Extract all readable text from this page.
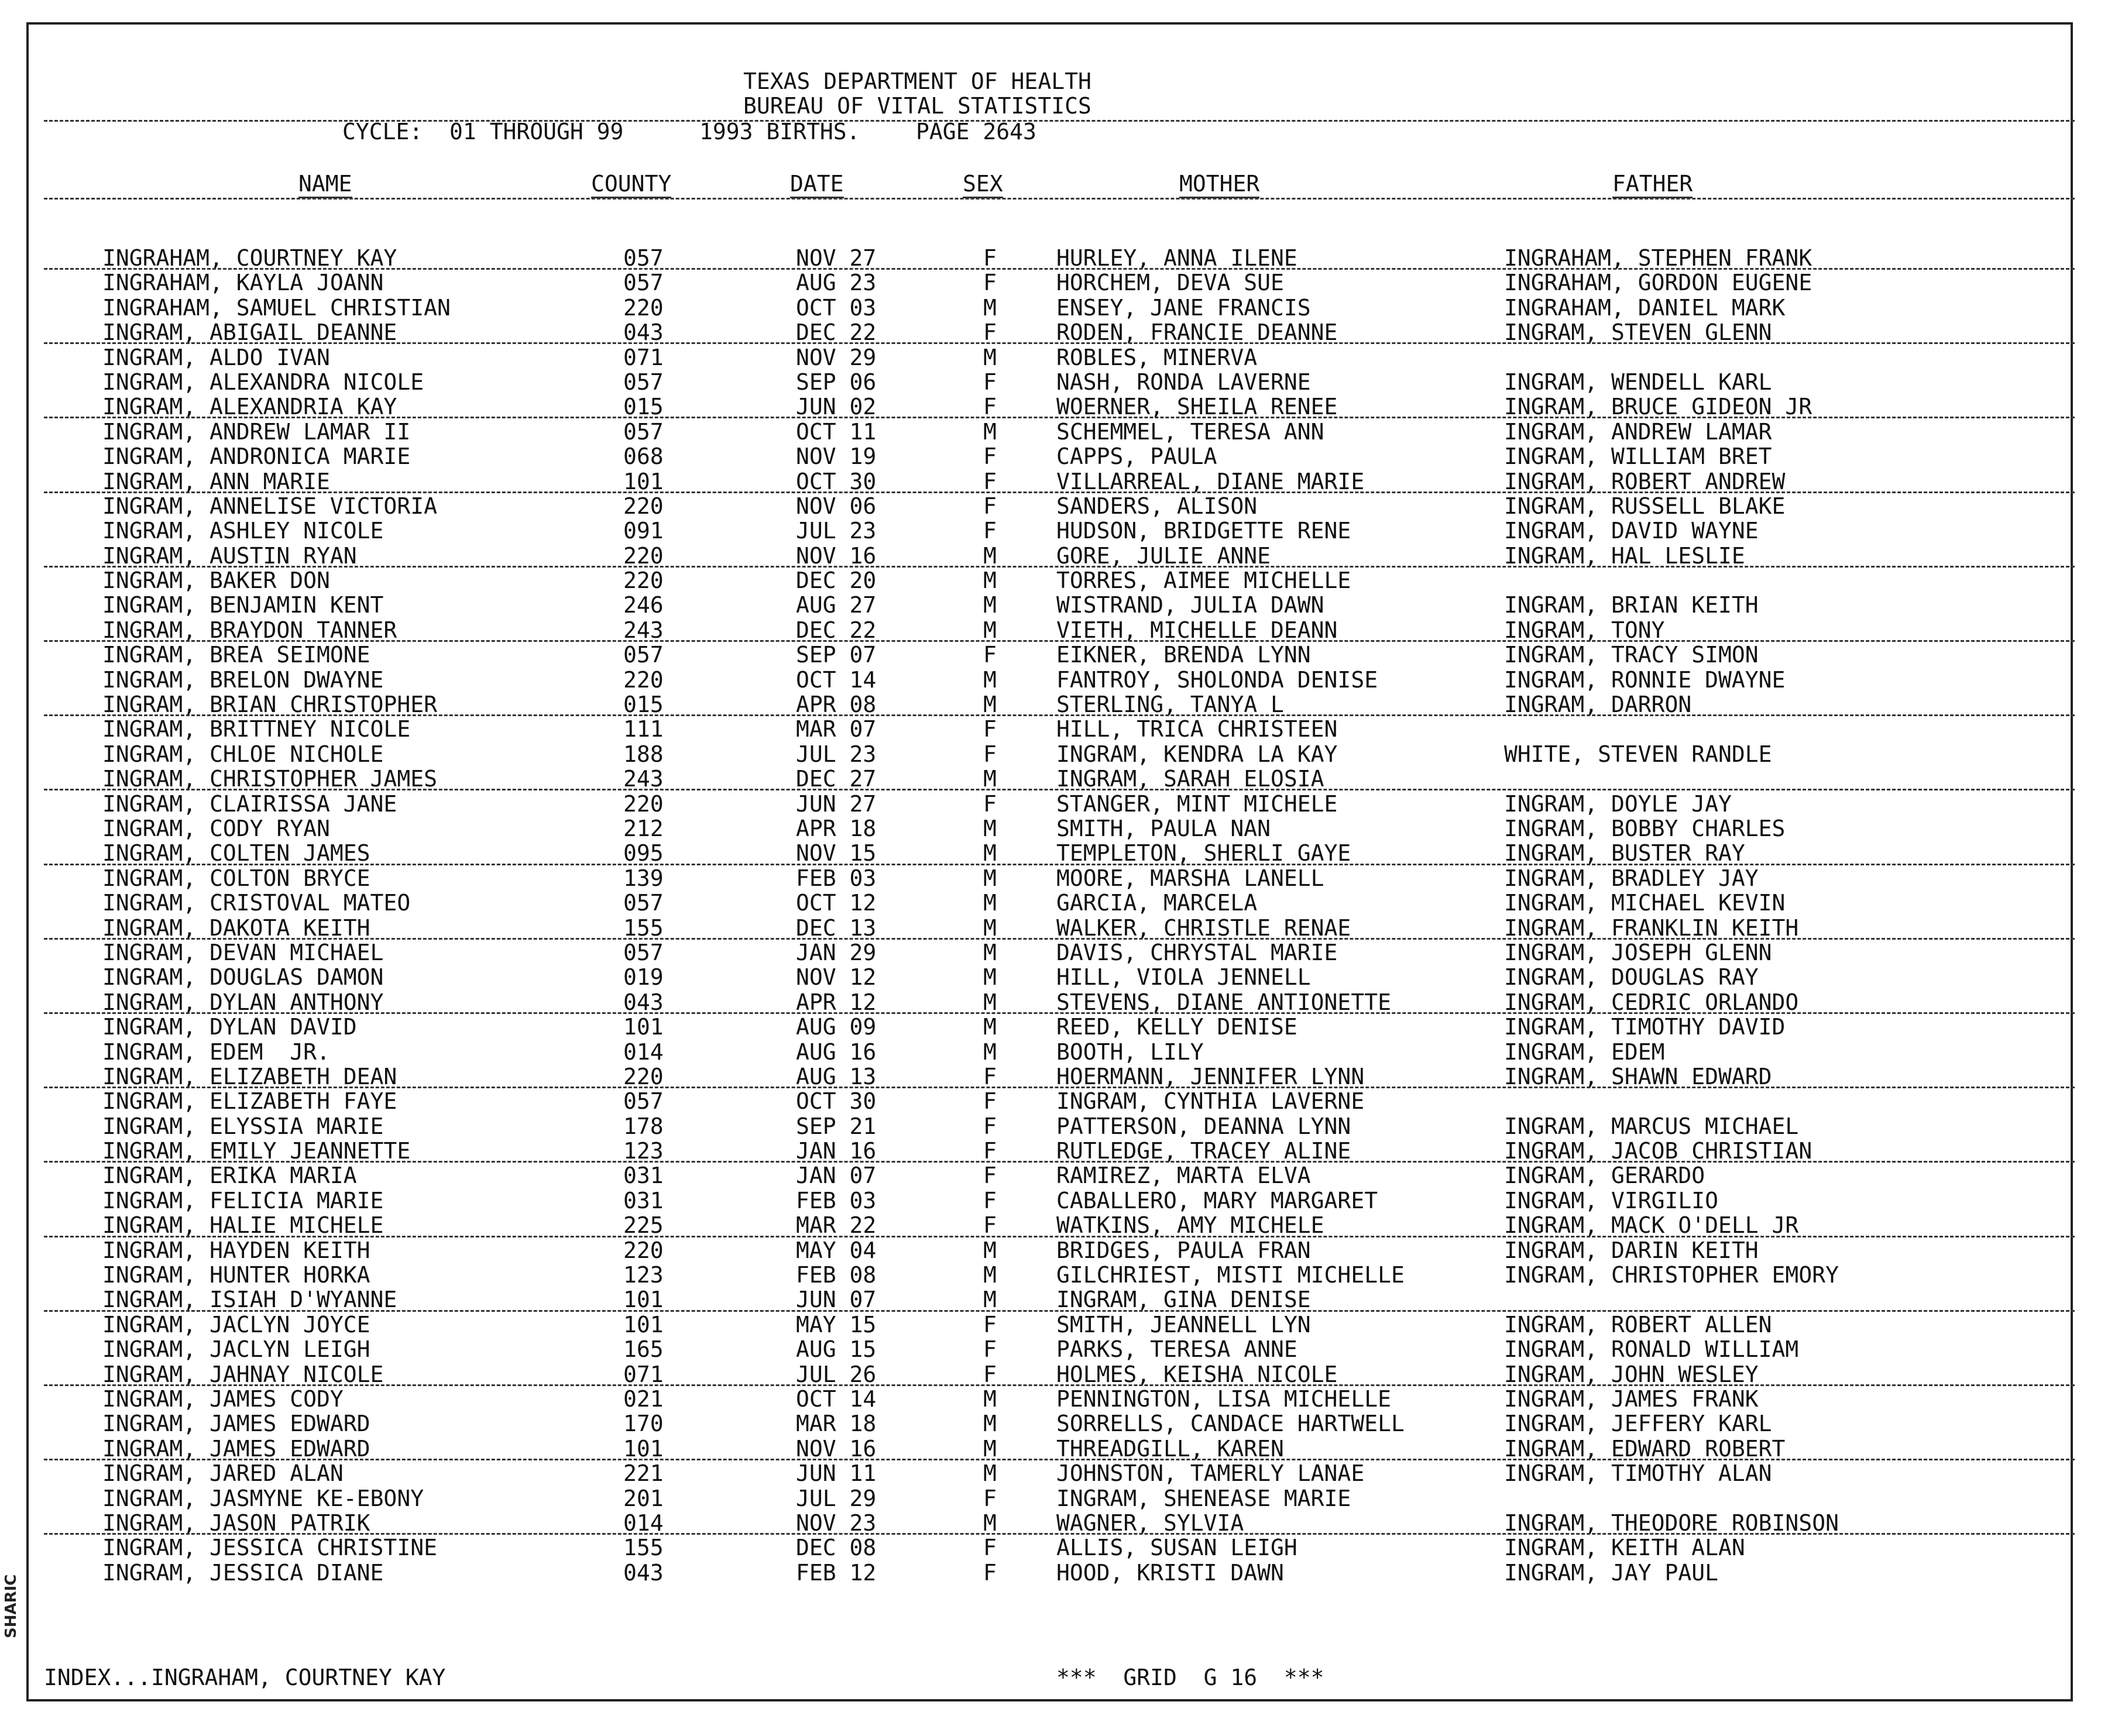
SHARIC
TEXAS DEPARTMENT OF HEALTH
BUREAU OF VITAL STATISTICS
CYCLE:  01 THROUGH 99	1993 BIRTHS.	PAGE 2643
NAME	COUNTY	DATE	SEX	MOTHER	FATHER
INGRAHAM, COURTNEY KAY	057	NOV 27	F	HURLEY, ANNA ILENE	INGRAHAM, STEPHEN FRANK
INGRAHAM, KAYLA JOANN	057	AUG 23	F	HORCHEM, DEVA SUE	INGRAHAM, GORDON EUGENE
INGRAHAM, SAMUEL CHRISTIAN	220	OCT 03	M	ENSEY, JANE FRANCIS	INGRAHAM, DANIEL MARK
INGRAM, ABIGAIL DEANNE	043	DEC 22	F	RODEN, FRANCIE DEANNE	INGRAM, STEVEN GLENN
INGRAM, ALDO IVAN	071	NOV 29	M	ROBLES, MINERVA
INGRAM, ALEXANDRA NICOLE	057	SEP 06	F	NASH, RONDA LAVERNE	INGRAM, WENDELL KARL
INGRAM, ALEXANDRIA KAY	015	JUN 02	F	WOERNER, SHEILA RENEE	INGRAM, BRUCE GIDEON JR
INGRAM, ANDREW LAMAR II	057	OCT 11	M	SCHEMMEL, TERESA ANN	INGRAM, ANDREW LAMAR
INGRAM, ANDRONICA MARIE	068	NOV 19	F	CAPPS, PAULA	INGRAM, WILLIAM BRET
INGRAM, ANN MARIE	101	OCT 30	F	VILLARREAL, DIANE MARIE	INGRAM, ROBERT ANDREW
INGRAM, ANNELISE VICTORIA	220	NOV 06	F	SANDERS, ALISON	INGRAM, RUSSELL BLAKE
INGRAM, ASHLEY NICOLE	091	JUL 23	F	HUDSON, BRIDGETTE RENE	INGRAM, DAVID WAYNE
INGRAM, AUSTIN RYAN	220	NOV 16	M	GORE, JULIE ANNE	INGRAM, HAL LESLIE
INGRAM, BAKER DON	220	DEC 20	M	TORRES, AIMEE MICHELLE
INGRAM, BENJAMIN KENT	246	AUG 27	M	WISTRAND, JULIA DAWN	INGRAM, BRIAN KEITH
INGRAM, BRAYDON TANNER	243	DEC 22	M	VIETH, MICHELLE DEANN	INGRAM, TONY
INGRAM, BREA SEIMONE	057	SEP 07	F	EIKNER, BRENDA LYNN	INGRAM, TRACY SIMON
INGRAM, BRELON DWAYNE	220	OCT 14	M	FANTROY, SHOLONDA DENISE	INGRAM, RONNIE DWAYNE
INGRAM, BRIAN CHRISTOPHER	015	APR 08	M	STERLING, TANYA L	INGRAM, DARRON
INGRAM, BRITTNEY NICOLE	111	MAR 07	F	HILL, TRICA CHRISTEEN
INGRAM, CHLOE NICHOLE	188	JUL 23	F	INGRAM, KENDRA LA KAY	WHITE, STEVEN RANDLE
INGRAM, CHRISTOPHER JAMES	243	DEC 27	M	INGRAM, SARAH ELOSIA
INGRAM, CLAIRISSA JANE	220	JUN 27	F	STANGER, MINT MICHELE	INGRAM, DOYLE JAY
INGRAM, CODY RYAN	212	APR 18	M	SMITH, PAULA NAN	INGRAM, BOBBY CHARLES
INGRAM, COLTEN JAMES	095	NOV 15	M	TEMPLETON, SHERLI GAYE	INGRAM, BUSTER RAY
INGRAM, COLTON BRYCE	139	FEB 03	M	MOORE, MARSHA LANELL	INGRAM, BRADLEY JAY
INGRAM, CRISTOVAL MATEO	057	OCT 12	M	GARCIA, MARCELA	INGRAM, MICHAEL KEVIN
INGRAM, DAKOTA KEITH	155	DEC 13	M	WALKER, CHRISTLE RENAE	INGRAM, FRANKLIN KEITH
INGRAM, DEVAN MICHAEL	057	JAN 29	M	DAVIS, CHRYSTAL MARIE	INGRAM, JOSEPH GLENN
INGRAM, DOUGLAS DAMON	019	NOV 12	M	HILL, VIOLA JENNELL	INGRAM, DOUGLAS RAY
INGRAM, DYLAN ANTHONY	043	APR 12	M	STEVENS, DIANE ANTIONETTE	INGRAM, CEDRIC ORLANDO
INGRAM, DYLAN DAVID	101	AUG 09	M	REED, KELLY DENISE	INGRAM, TIMOTHY DAVID
INGRAM, EDEM  JR.	014	AUG 16	M	BOOTH, LILY	INGRAM, EDEM
INGRAM, ELIZABETH DEAN	220	AUG 13	F	HOERMANN, JENNIFER LYNN	INGRAM, SHAWN EDWARD
INGRAM, ELIZABETH FAYE	057	OCT 30	F	INGRAM, CYNTHIA LAVERNE
INGRAM, ELYSSIA MARIE	178	SEP 21	F	PATTERSON, DEANNA LYNN	INGRAM, MARCUS MICHAEL
INGRAM, EMILY JEANNETTE	123	JAN 16	F	RUTLEDGE, TRACEY ALINE	INGRAM, JACOB CHRISTIAN
INGRAM, ERIKA MARIA	031	JAN 07	F	RAMIREZ, MARTA ELVA	INGRAM, GERARDO
INGRAM, FELICIA MARIE	031	FEB 03	F	CABALLERO, MARY MARGARET	INGRAM, VIRGILIO
INGRAM, HALIE MICHELE	225	MAR 22	F	WATKINS, AMY MICHELE	INGRAM, MACK O'DELL JR
INGRAM, HAYDEN KEITH	220	MAY 04	M	BRIDGES, PAULA FRAN	INGRAM, DARIN KEITH
INGRAM, HUNTER HORKA	123	FEB 08	M	GILCHRIEST, MISTI MICHELLE	INGRAM, CHRISTOPHER EMORY
INGRAM, ISIAH D'WYANNE	101	JUN 07	M	INGRAM, GINA DENISE
INGRAM, JACLYN JOYCE	101	MAY 15	F	SMITH, JEANNELL LYN	INGRAM, ROBERT ALLEN
INGRAM, JACLYN LEIGH	165	AUG 15	F	PARKS, TERESA ANNE	INGRAM, RONALD WILLIAM
INGRAM, JAHNAY NICOLE	071	JUL 26	F	HOLMES, KEISHA NICOLE	INGRAM, JOHN WESLEY
INGRAM, JAMES CODY	021	OCT 14	M	PENNINGTON, LISA MICHELLE	INGRAM, JAMES FRANK
INGRAM, JAMES EDWARD	170	MAR 18	M	SORRELLS, CANDACE HARTWELL	INGRAM, JEFFERY KARL
INGRAM, JAMES EDWARD	101	NOV 16	M	THREADGILL, KAREN	INGRAM, EDWARD ROBERT
INGRAM, JARED ALAN	221	JUN 11	M	JOHNSTON, TAMERLY LANAE	INGRAM, TIMOTHY ALAN
INGRAM, JASMYNE KE-EBONY	201	JUL 29	F	INGRAM, SHENEASE MARIE
INGRAM, JASON PATRIK	014	NOV 23	M	WAGNER, SYLVIA	INGRAM, THEODORE ROBINSON
INGRAM, JESSICA CHRISTINE	155	DEC 08	F	ALLIS, SUSAN LEIGH	INGRAM, KEITH ALAN
INGRAM, JESSICA DIANE	043	FEB 12	F	HOOD, KRISTI DAWN	INGRAM, JAY PAUL
INDEX...INGRAHAM, COURTNEY KAY	***  GRID  G 16  ***
